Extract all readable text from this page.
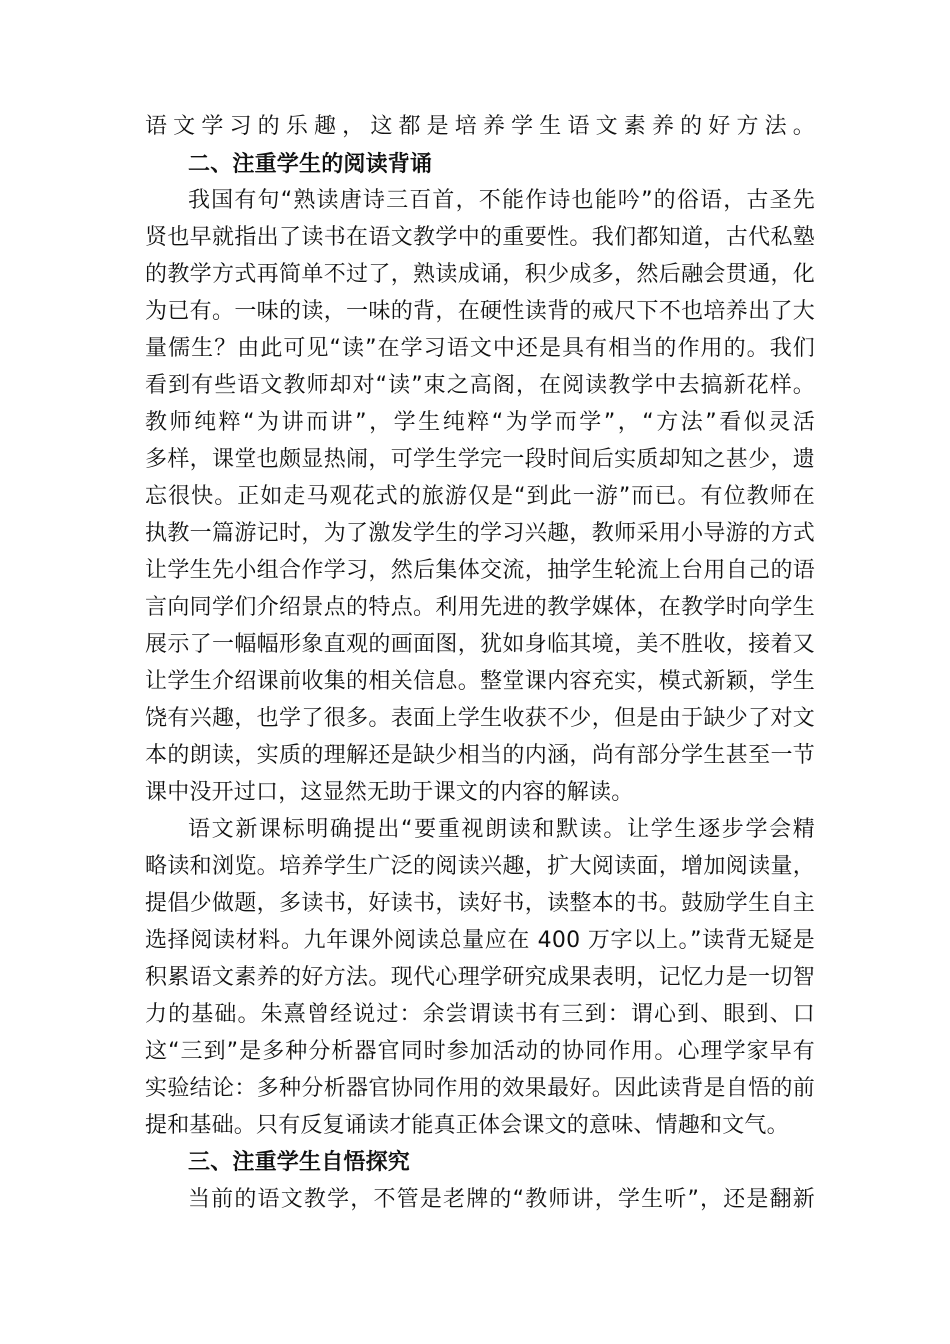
语文学习的乐趣，这都是培养学生语文素养的好方法。
二、注重学生的阅读背诵
我国有句“熟读唐诗三百首，不能作诗也能吟”的俗语，古圣先
贤也早就指出了读书在语文教学中的重要性。我们都知道，古代私塾
的教学方式再简单不过了，熟读成诵，积少成多，然后融会贯通，化
为已有。一味的读，一味的背，在硬性读背的戒尺下不也培养出了大
量儒生？由此可见“读”在学习语文中还是具有相当的作用的。我们
看到有些语文教师却对“读”束之高阁，在阅读教学中去搞新花样。
教师纯粹“为讲而讲”，学生纯粹“为学而学”，“方法”看似灵活
多样，课堂也颇显热闹，可学生学完一段时间后实质却知之甚少，遗
忘很快。正如走马观花式的旅游仅是“到此一游”而已。有位教师在
执教一篇游记时，为了激发学生的学习兴趣，教师采用小导游的方式
让学生先小组合作学习，然后集体交流，抽学生轮流上台用自己的语
言向同学们介绍景点的特点。利用先进的教学媒体，在教学时向学生
展示了一幅幅形象直观的画面图，犹如身临其境，美不胜收，接着又
让学生介绍课前收集的相关信息。整堂课内容充实，模式新颖，学生
饶有兴趣，也学了很多。表面上学生收获不少，但是由于缺少了对文
本的朗读，实质的理解还是缺少相当的内涵，尚有部分学生甚至一节
课中没开过口，这显然无助于课文的内容的解读。
语文新课标明确提出“要重视朗读和默读。让学生逐步学会精
略读和浏览。培养学生广泛的阅读兴趣，扩大阅读面，增加阅读量，
提倡少做题，多读书，好读书，读好书，读整本的书。鼓励学生自主
选择阅读材料。九年课外阅读总量应在 400 万字以上。”读背无疑是
积累语文素养的好方法。现代心理学研究成果表明，记忆力是一切智
力的基础。朱熹曾经说过：余尝谓读书有三到：谓心到、眼到、口
这“三到”是多种分析器官同时参加活动的协同作用。心理学家早有
实验结论：多种分析器官协同作用的效果最好。因此读背是自悟的前
提和基础。只有反复诵读才能真正体会课文的意味、情趣和文气。
三、注重学生自悟探究
当前的语文教学，不管是老牌的“教师讲，学生听”，还是翻新
